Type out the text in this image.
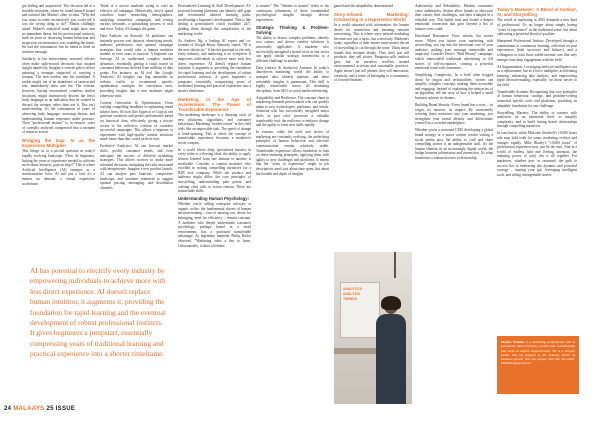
gut feeling and acquiesced. This decision led to a horrible encounter, where he found himself bound and tortured like Martin's other victims. "Why did you come in when instinctively you could tell it was the wrong thing to do?" Martin chillingly asked. Mikael's analytical mind might have sent no immediate threat, but his professional instincts, built on years of observing human behaviour and suspicious circumstances, was sounding the alarm. He had the information, but he failed to heed its intuitive message.

Similarly, in law enforcement, seasoned officers often make split-second decisions that awaken insight intuitively. Imagine a veteran police officer pursuing a teenager suspected of carrying a weapon. The teen reaches into his waistband. A rookie might, out of an abundance of caution and fear, immediately draw and fire. The veteran, however, having encountered countless similar situations, might instinctively discern the teen's body language as an indication that he wanted to discard the weapon rather than use it. This isn't mind-reading; it's the culmination of years of observing body language, assessing threats, and understanding human responses under pressure. Their "professional instinct" is, in essence, years of carefully analysed compressed into a moment of intuitive action.

Bridging the Gap: AI as the Experience Multiplier

This brings us to a pivotal question in today's rapidly evolving landscape: "How do beginners, lacking the years of experience needed to cultivate such robust instincts, gain an edge?" This is where Artificial Intelligence (AI) emerges as a transformative force. AI isn't just a tool; it's a mentor on demand, a virtual experience accelerator.

Think of a novice marketer trying to craft an effective ad campaign. Historically, they'd spend countless hours researching demographics, analysing competitor campaigns, and testing various iterations, a painstaking process of trial and error. Today, AI changes the game.

Data Analysis on Steroids: AI platforms can instantly process vast datasets, identifying trends, audience preferences, and optimal campaign strategies that would take a human marketer months or even years to uncover. A beginner can leverage AI to understand complex market dynamics, essentially getting a crash course in consumer behaviour derived from millions of data points. For instance, an AI tool like Google Analytics' AI insights can flag anomalies in website traffic or recommend specific optimisation strategies for conversion rates, providing insights that a new marketer might otherwise miss.

Content Generation & Optimisation: From crafting compelling headlines to optimising email subject lines, AI tools like Jasper.ai or Copy.ai can generate variations and predict performance based on historical data, effectively giving a novice access to the collective wisdom of countless successful campaigns. This allows a beginner to experiment with high-quality content iterations much faster than they could on their own.

Predictive Analytics: AI can forecast market shifts, predict consumer trends, and even anticipate the success of different marketing strategies. This allows novices to make more informed decisions, mitigating the risks associated with inexperience. Imagine a new product launch: AI can analyse past launches, competitive landscape, and customer sentiment to suggest optimal pricing, messaging, and distribution channels.

Personalized Learning & Skill Development: AI-powered learning platforms can identify skill gaps and recommend tailored learning paths, accelerating a beginner's development. This is like having a personalized coach available 24/7, guiding them through the complexities of the marketing world.

As Andrew Ng, a leading AI expert and co-founder of Google Brain, famously stated, "AI is the new electricity." It has the potential to electrify every industry, and marketing is no exception. It empowers individuals to achieve more with less direct experience. AI doesn't replace human intuition; it augments it, providing the foundation for rapid learning and the development of robust professional instincts. It gives beginners a jumpstart, essentially compressing years of traditional learning and practical experience into a shorter timeframe.

Marketing in the Age of Acceleration: The Power of Transferable Experience

The marketing landscape is a dizzying swirl of new platforms, algorithms, and consumer behaviours. Mastering "market trends" in this field feels like an impossible task. The speed of change is head-spinning. This is where the concept of transferable experience becomes a marketer's secret weapon.

In a world where deep, specialised mastery in every niche is a fleeting ideal, the ability to apply lessons learned from one domain to another is invaluable. Consider a content marketer who excelled in writing compelling narratives for a B2B tech company. While the product and audience might differ, the core principles of storytelling, understanding pain points, and crafting clear calls to action remain. These are transferable skills.

Understanding Human Psychology:

Whether you're selling enterprise software or organic coffee, the fundamental drivers of human decision-making – fear of missing out, desire for belonging, need for efficiency – remain constant. A marketer who deeply understands consumer psychology, perhaps honed in a retail environment, has a profound transferable advantage. As legendary marketer Philip Kotler observed, "Marketing takes a day to learn. Unfortunately, it takes a lifetime

to master." The "lifetime to master" refers to the continuous refinement of these fundamental psychological insights through diverse experiences.

Strategic Thinking & Problem-Solving:

The ability to dissect complex problems, identify root causes, and devise creative solutions is universally applicable. A marketer who successfully navigated a brand crisis in one sector can apply similar strategic frameworks to a different challenge in another.

Data Literacy & Analytical Acumen: In today's data-driven marketing world, the ability to interpret data, identify patterns, and draw actionable insights is paramount. This skill is highly transferable across all marketing disciplines, from SEO to social media advertising.

Adaptability and Resilience: The constant churn in marketing demands professionals who can quickly adapt to new technologies, platforms, and trends. Someone who has successfully navigated major shifts in past roles possesses a valuable transferable trait: the resilience to embrace change and the agility to learn new skills rapidly.

In essence, while the tools and tactics of marketing are constantly evolving, the underlying principles of human behaviour and effective communication remain relatively stable. Transferable experience allows marketers to lean on these enduring principles, applying them with agility to new challenges and platforms. It means that the "years of experience" might in job descriptions aren't just about time spent, but about the breadth and depth of insights

gained and the adaptability demonstrated.

Story-Infused Marketing: Connecting in a Hypersonic World

In a world saturated with information, the human desire for connection and meaning remains unwavering. This is where story-infused marketing becomes not just a tactic, but a necessity. Marketers today, regardless of their tenure, must master the art of storytelling to cut through the noise. Think about brands that resonate deeply. They don't just sell products; they sell stories. Patagonia sells outdoor gear, but its narrative revolves around environmental activism and sustainable practices. Apple doesn't just sell phones; they sell innovation, creativity, and a sense of belonging to a community of forward-thinkers.

ANALYTICS
ANALYSIS
TRENDS

Authenticity and Relatability: Modern consumers crave authenticity. Stories allow brands to showcase their values, their challenges, and their triumphs in a relatable way. This builds trust and fosters a deeper emotional connection that goes beyond a list of features ever could.

Emotional Resonance: Facts inform, but stories move. When you infuse your marketing with storytelling, you tap into the emotional core of your audience, making your message memorable and impactful. Consider Dove's "Real Beauty" campaign, which transcended traditional advertising to tell stories of self-acceptance, creating a powerful emotional bond with consumers.

Simplifying Complexity: In a field often bogged down by jargon and technicalities, stories can simplify complex concepts, making them accessible and engaging. Instead of explaining the intricacies of an algorithm, tell the story of how it helped a small business achieve its dreams.

Building Brand Identity: Every brand has a story – its origin, its mission, its impact. By consistently weaving these narratives into your marketing, you strengthen your brand identity and differentiate yourself in a crowded marketplace.

Whether you're a seasoned CMO developing a global brand strategy or a junior content creator writing a social media post, the ability to craft and share compelling stories is an indispensable skill. It's the human element in an increasingly digital world, the bridge between information and connection. It's what transforms a transaction into a relationship.

Today's Marketer: A Blend of Instinct, AI, and Storytelling

The world of marketing in 2025 demands a new kind of professional. It's no longer about simply having "years of experience" in the traditional sense, but about cultivating a powerful blend of qualities:

Sharpened Professional Instinct: Developed through a commitment to continuous learning, reflection on past experiences (both successes and failures), and a willingness to trust those subtle internal cues that only emerge from deep engagement with the field.

AI Augmentation: Leveraging artificial intelligence not as a replacement, but as a force multiplier, accelerating learning, enhancing data analysis, and empowering rapid decision-making, especially for those newer to the field.

Transferable Acumen: Recognising that core principles of human behaviour, strategy, and problem-solving transcend specific tools and platforms, providing an adaptable foundation for any challenge.

Storytelling Mastery: The ability to connect with audiences on an emotional level, to simplify complexity, and to build lasting brand relationships through compelling narratives.

In conclusion, while Malcolm Gladwell's 10,000 hours rule may hold truth for some, marketing evolves and changes rapidly. Mike Blaney's "10,000 hours" of professional experience may just be the start. And in a world of endless data and fleeting attention, the enduring power of story ties it all together. For marketers, whether new or seasoned, the path to success lies in embracing this dynamic and powerful synergy – trusting your gut, leveraging intelligent tools, and telling unforgettable stories.

Marius Wahlen is a marketing professional who is passionate about business growth and sustainability and seeks to inspire empowerment. He is a thought leader and his passion is the primary driver of business growth. You can engage with him via email: MWahlen@gmail.com
AI has potential to electrify every industry by empowering individuals to achieve more with less direct experience. AI doesn't replace human intuition; it augments it, providing the foundation for rapid learning and the eventual development of robust professional instincts. It gives beginners a jumpstart, essentially compressing years of traditional learning and practical experience into a shorter timeframe.
24 MALAAYS 25 ISSUE
